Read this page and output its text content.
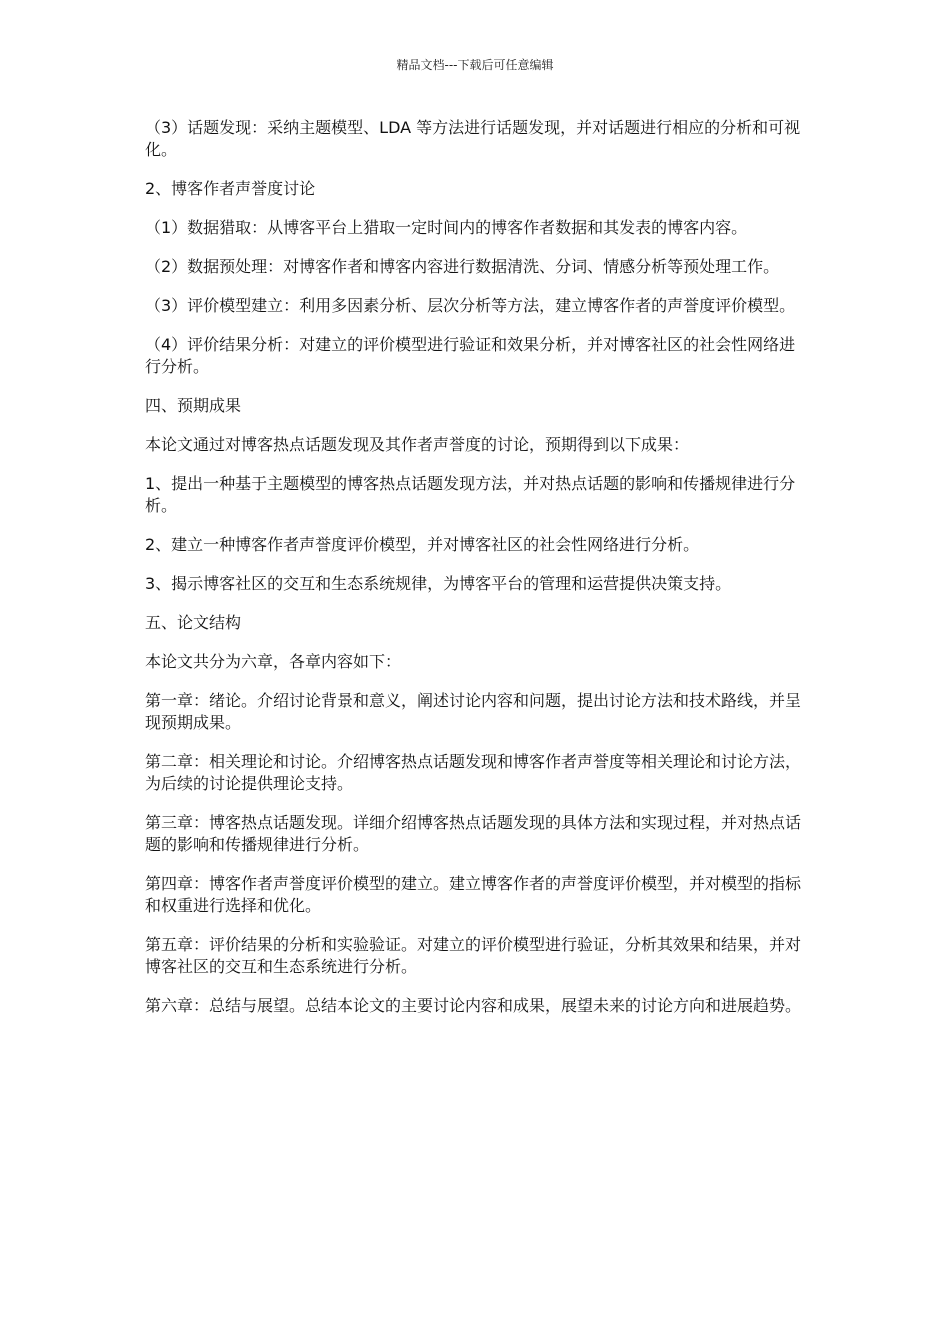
精品文档---下载后可任意编辑

（3）话题发现：采纳主题模型、LDA 等方法进行话题发现，并对话题进行相应的分析和可视化。

2、博客作者声誉度讨论

（1）数据猎取：从博客平台上猎取一定时间内的博客作者数据和其发表的博客内容。

（2）数据预处理：对博客作者和博客内容进行数据清洗、分词、情感分析等预处理工作。

（3）评价模型建立：利用多因素分析、层次分析等方法，建立博客作者的声誉度评价模型。

（4）评价结果分析：对建立的评价模型进行验证和效果分析，并对博客社区的社会性网络进行分析。

四、预期成果

本论文通过对博客热点话题发现及其作者声誉度的讨论，预期得到以下成果：

1、提出一种基于主题模型的博客热点话题发现方法，并对热点话题的影响和传播规律进行分析。

2、建立一种博客作者声誉度评价模型，并对博客社区的社会性网络进行分析。

3、揭示博客社区的交互和生态系统规律，为博客平台的管理和运营提供决策支持。

五、论文结构

本论文共分为六章，各章内容如下：

第一章：绪论。介绍讨论背景和意义，阐述讨论内容和问题，提出讨论方法和技术路线，并呈现预期成果。

第二章：相关理论和讨论。介绍博客热点话题发现和博客作者声誉度等相关理论和讨论方法，为后续的讨论提供理论支持。

第三章：博客热点话题发现。详细介绍博客热点话题发现的具体方法和实现过程，并对热点话题的影响和传播规律进行分析。

第四章：博客作者声誉度评价模型的建立。建立博客作者的声誉度评价模型，并对模型的指标和权重进行选择和优化。

第五章：评价结果的分析和实验验证。对建立的评价模型进行验证，分析其效果和结果，并对博客社区的交互和生态系统进行分析。

第六章：总结与展望。总结本论文的主要讨论内容和成果，展望未来的讨论方向和进展趋势。
